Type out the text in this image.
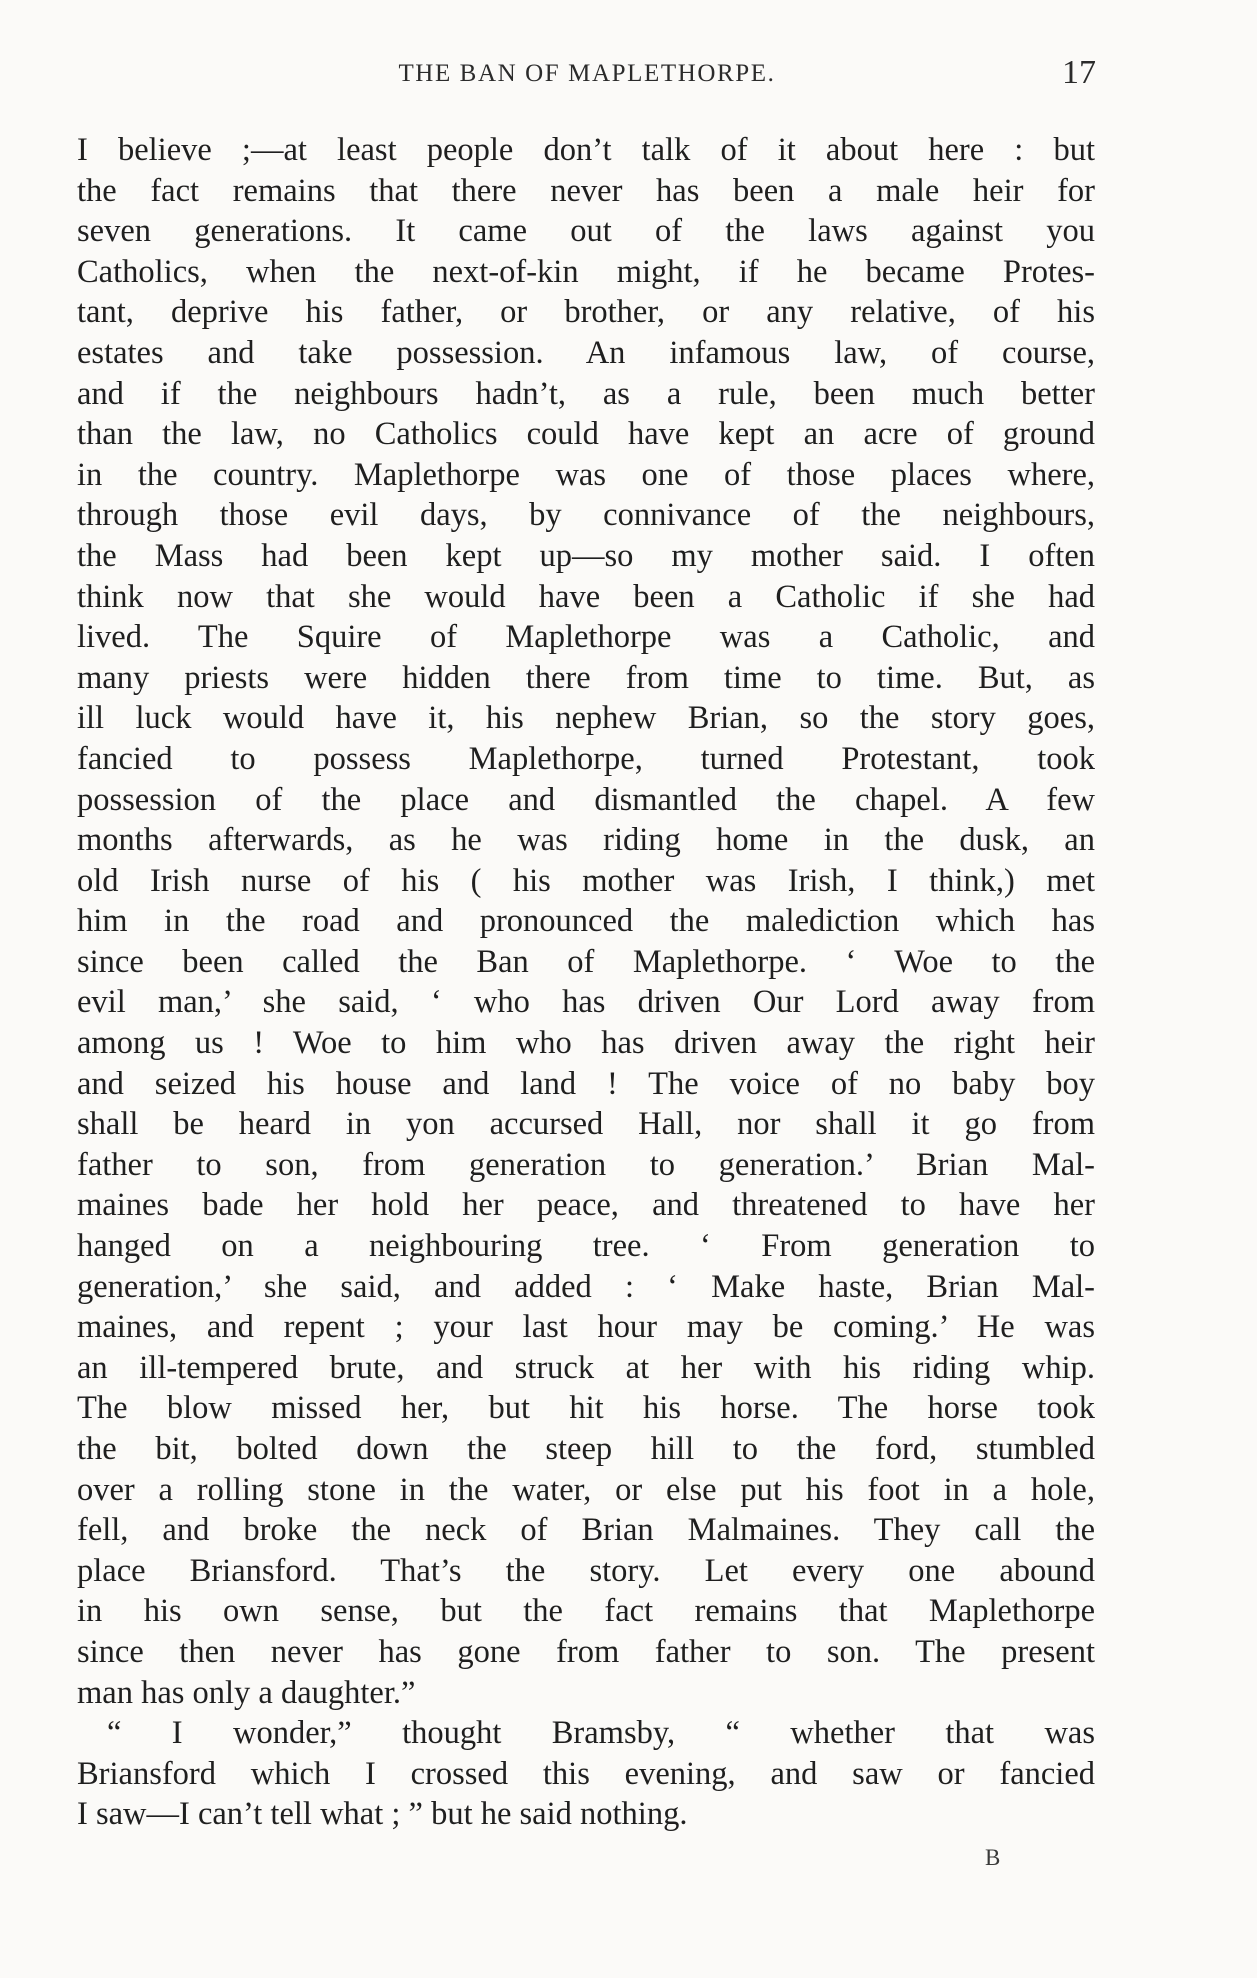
THE BAN OF MAPLETHORPE.	17

I believe ;—at least people don’t talk of it about here : but
the fact remains that there never has been a male heir for
seven generations. It came out of the laws against you
Catholics, when the next-of-kin might, if he became Protes-
tant, deprive his father, or brother, or any relative, of his
estates and take possession. An infamous law, of course,
and if the neighbours hadn’t, as a rule, been much better
than the law, no Catholics could have kept an acre of ground
in the country. Maplethorpe was one of those places where,
through those evil days, by connivance of the neighbours,
the Mass had been kept up—so my mother said. I often
think now that she would have been a Catholic if she had
lived. The Squire of Maplethorpe was a Catholic, and
many priests were hidden there from time to time. But, as
ill luck would have it, his nephew Brian, so the story goes,
fancied to possess Maplethorpe, turned Protestant, took
possession of the place and dismantled the chapel. A few
months afterwards, as he was riding home in the dusk, an
old Irish nurse of his ( his mother was Irish, I think,) met
him in the road and pronounced the malediction which has
since been called the Ban of Maplethorpe. ‘ Woe to the
evil man,’ she said, ‘ who has driven Our Lord away from
among us ! Woe to him who has driven away the right heir
and seized his house and land ! The voice of no baby boy
shall be heard in yon accursed Hall, nor shall it go from
father to son, from generation to generation.’ Brian Mal-
maines bade her hold her peace, and threatened to have her
hanged on a neighbouring tree. ‘ From generation to
generation,’ she said, and added : ‘ Make haste, Brian Mal-
maines, and repent ; your last hour may be coming.’ He was
an ill-tempered brute, and struck at her with his riding whip.
The blow missed her, but hit his horse. The horse took
the bit, bolted down the steep hill to the ford, stumbled
over a rolling stone in the water, or else put his foot in a hole,
fell, and broke the neck of Brian Malmaines. They call the
place Briansford. That’s the story. Let every one abound
in his own sense, but the fact remains that Maplethorpe
since then never has gone from father to son. The present
man has only a daughter.”

“ I wonder,” thought Bramsby, “ whether that was
Briansford which I crossed this evening, and saw or fancied
I saw—I can’t tell what ; ” but he said nothing.

B
